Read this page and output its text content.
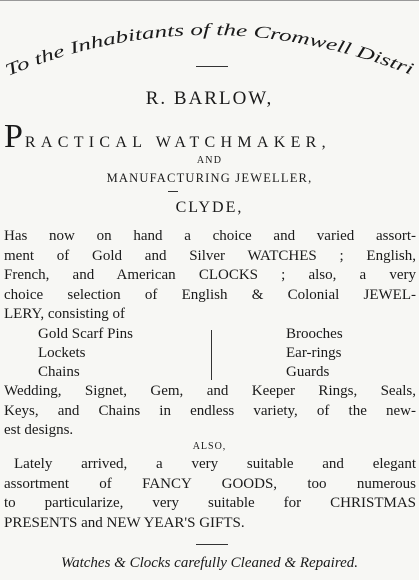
To the Inhabitants of the Cromwell Distri
R. BARLOW,
PRACTICAL WATCHMAKER,
AND
MANUFACTURING JEWELLER,
CLYDE,
Has now on hand a choice and varied assort-
ment of Gold and Silver WATCHES ; English,
French, and American CLOCKS ; also, a very
choice selection of English & Colonial JEWEL-
LERY, consisting of
Gold Scarf Pins
Lockets
Chains
Brooches
Ear-rings
Guards
Wedding, Signet, Gem, and Keeper Rings, Seals,
Keys, and Chains in endless variety, of the new-
est designs.
ALSO,
Lately arrived, a very suitable and elegant
assortment of FANCY GOODS, too numerous
to particularize, very suitable for CHRISTMAS
PRESENTS and NEW YEAR'S GIFTS.
Watches & Clocks carefully Cleaned & Repaired.
